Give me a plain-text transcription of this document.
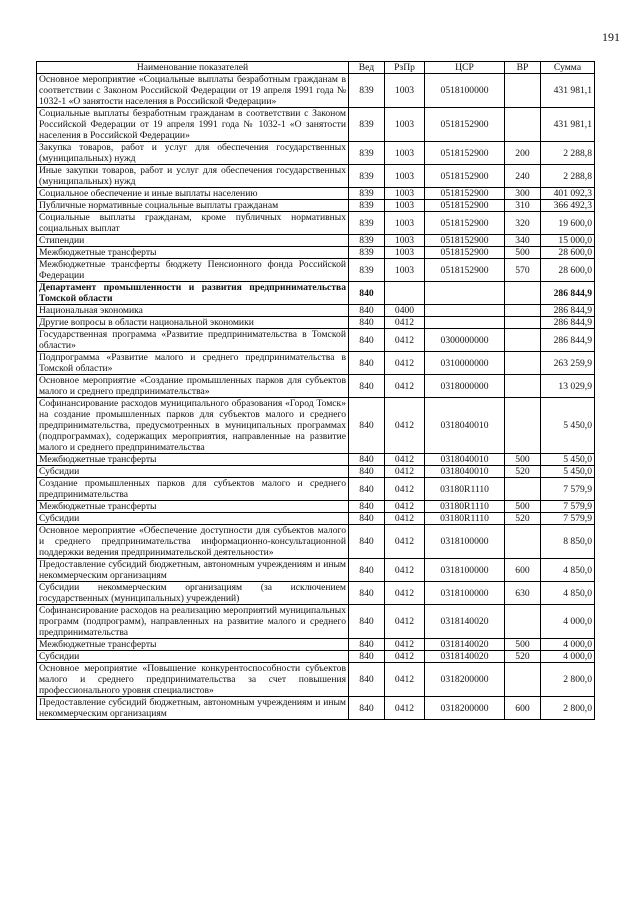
191
Наименование показателей	Вед	РзПр	ЦСР	ВР	Сумма
Основное мероприятие «Социальные выплаты безработным гражданам в соответствии с Законом Российской Федерации от 19 апреля 1991 года № 1032-1 «О занятости населения в Российской Федерации»	839	1003	0518100000		431 981,1
Социальные выплаты безработным гражданам в соответствии с Законом Российской Федерации от 19 апреля 1991 года № 1032-1 «О занятости населения в Российской Федерации»	839	1003	0518152900		431 981,1
Закупка товаров, работ и услуг для обеспечения государственных (муниципальных) нужд	839	1003	0518152900	200	2 288,8
Иные закупки товаров, работ и услуг для обеспечения государственных (муниципальных) нужд	839	1003	0518152900	240	2 288,8
Социальное обеспечение и иные выплаты населению	839	1003	0518152900	300	401 092,3
Публичные нормативные социальные выплаты гражданам	839	1003	0518152900	310	366 492,3
Социальные выплаты гражданам, кроме публичных нормативных социальных выплат	839	1003	0518152900	320	19 600,0
Стипендии	839	1003	0518152900	340	15 000,0
Межбюджетные трансферты	839	1003	0518152900	500	28 600,0
Межбюджетные трансферты бюджету Пенсионного фонда Российской Федерации	839	1003	0518152900	570	28 600,0
Департамент промышленности и развития предпринимательства Томской области	840				286 844,9
Национальная экономика	840	0400			286 844,9
Другие вопросы в области национальной экономики	840	0412			286 844,9
Государственная программа «Развитие предпринимательства в Томской области»	840	0412	0300000000		286 844,9
Подпрограмма «Развитие малого и среднего предпринимательства в Томской области»	840	0412	0310000000		263 259,9
Основное мероприятие «Создание промышленных парков для субъектов малого и среднего предпринимательства»	840	0412	0318000000		13 029,9
Софинансирование расходов муниципального образования «Город Томск» на создание промышленных парков для субъектов малого и среднего предпринимательства, предусмотренных в муниципальных программах (подпрограммах), содержащих мероприятия, направленные на развитие малого и среднего предпринимательства	840	0412	0318040010		5 450,0
Межбюджетные трансферты	840	0412	0318040010	500	5 450,0
Субсидии	840	0412	0318040010	520	5 450,0
Создание промышленных парков для субъектов малого и среднего предпринимательства	840	0412	03180R1110		7 579,9
Межбюджетные трансферты	840	0412	03180R1110	500	7 579,9
Субсидии	840	0412	03180R1110	520	7 579,9
Основное мероприятие «Обеспечение доступности для субъектов малого и среднего предпринимательства информационно-консультационной поддержки ведения предпринимательской деятельности»	840	0412	0318100000		8 850,0
Предоставление субсидий бюджетным, автономным учреждениям и иным некоммерческим организациям	840	0412	0318100000	600	4 850,0
Субсидии некоммерческим организациям (за исключением государственных (муниципальных) учреждений)	840	0412	0318100000	630	4 850,0
Софинансирование расходов на реализацию мероприятий муниципальных программ (подпрограмм), направленных на развитие малого и среднего предпринимательства	840	0412	0318140020		4 000,0
Межбюджетные трансферты	840	0412	0318140020	500	4 000,0
Субсидии	840	0412	0318140020	520	4 000,0
Основное мероприятие «Повышение конкурентоспособности субъектов малого и среднего предпринимательства за счет повышения профессионального уровня специалистов»	840	0412	0318200000		2 800,0
Предоставление субсидий бюджетным, автономным учреждениям и иным некоммерческим организациям	840	0412	0318200000	600	2 800,0
